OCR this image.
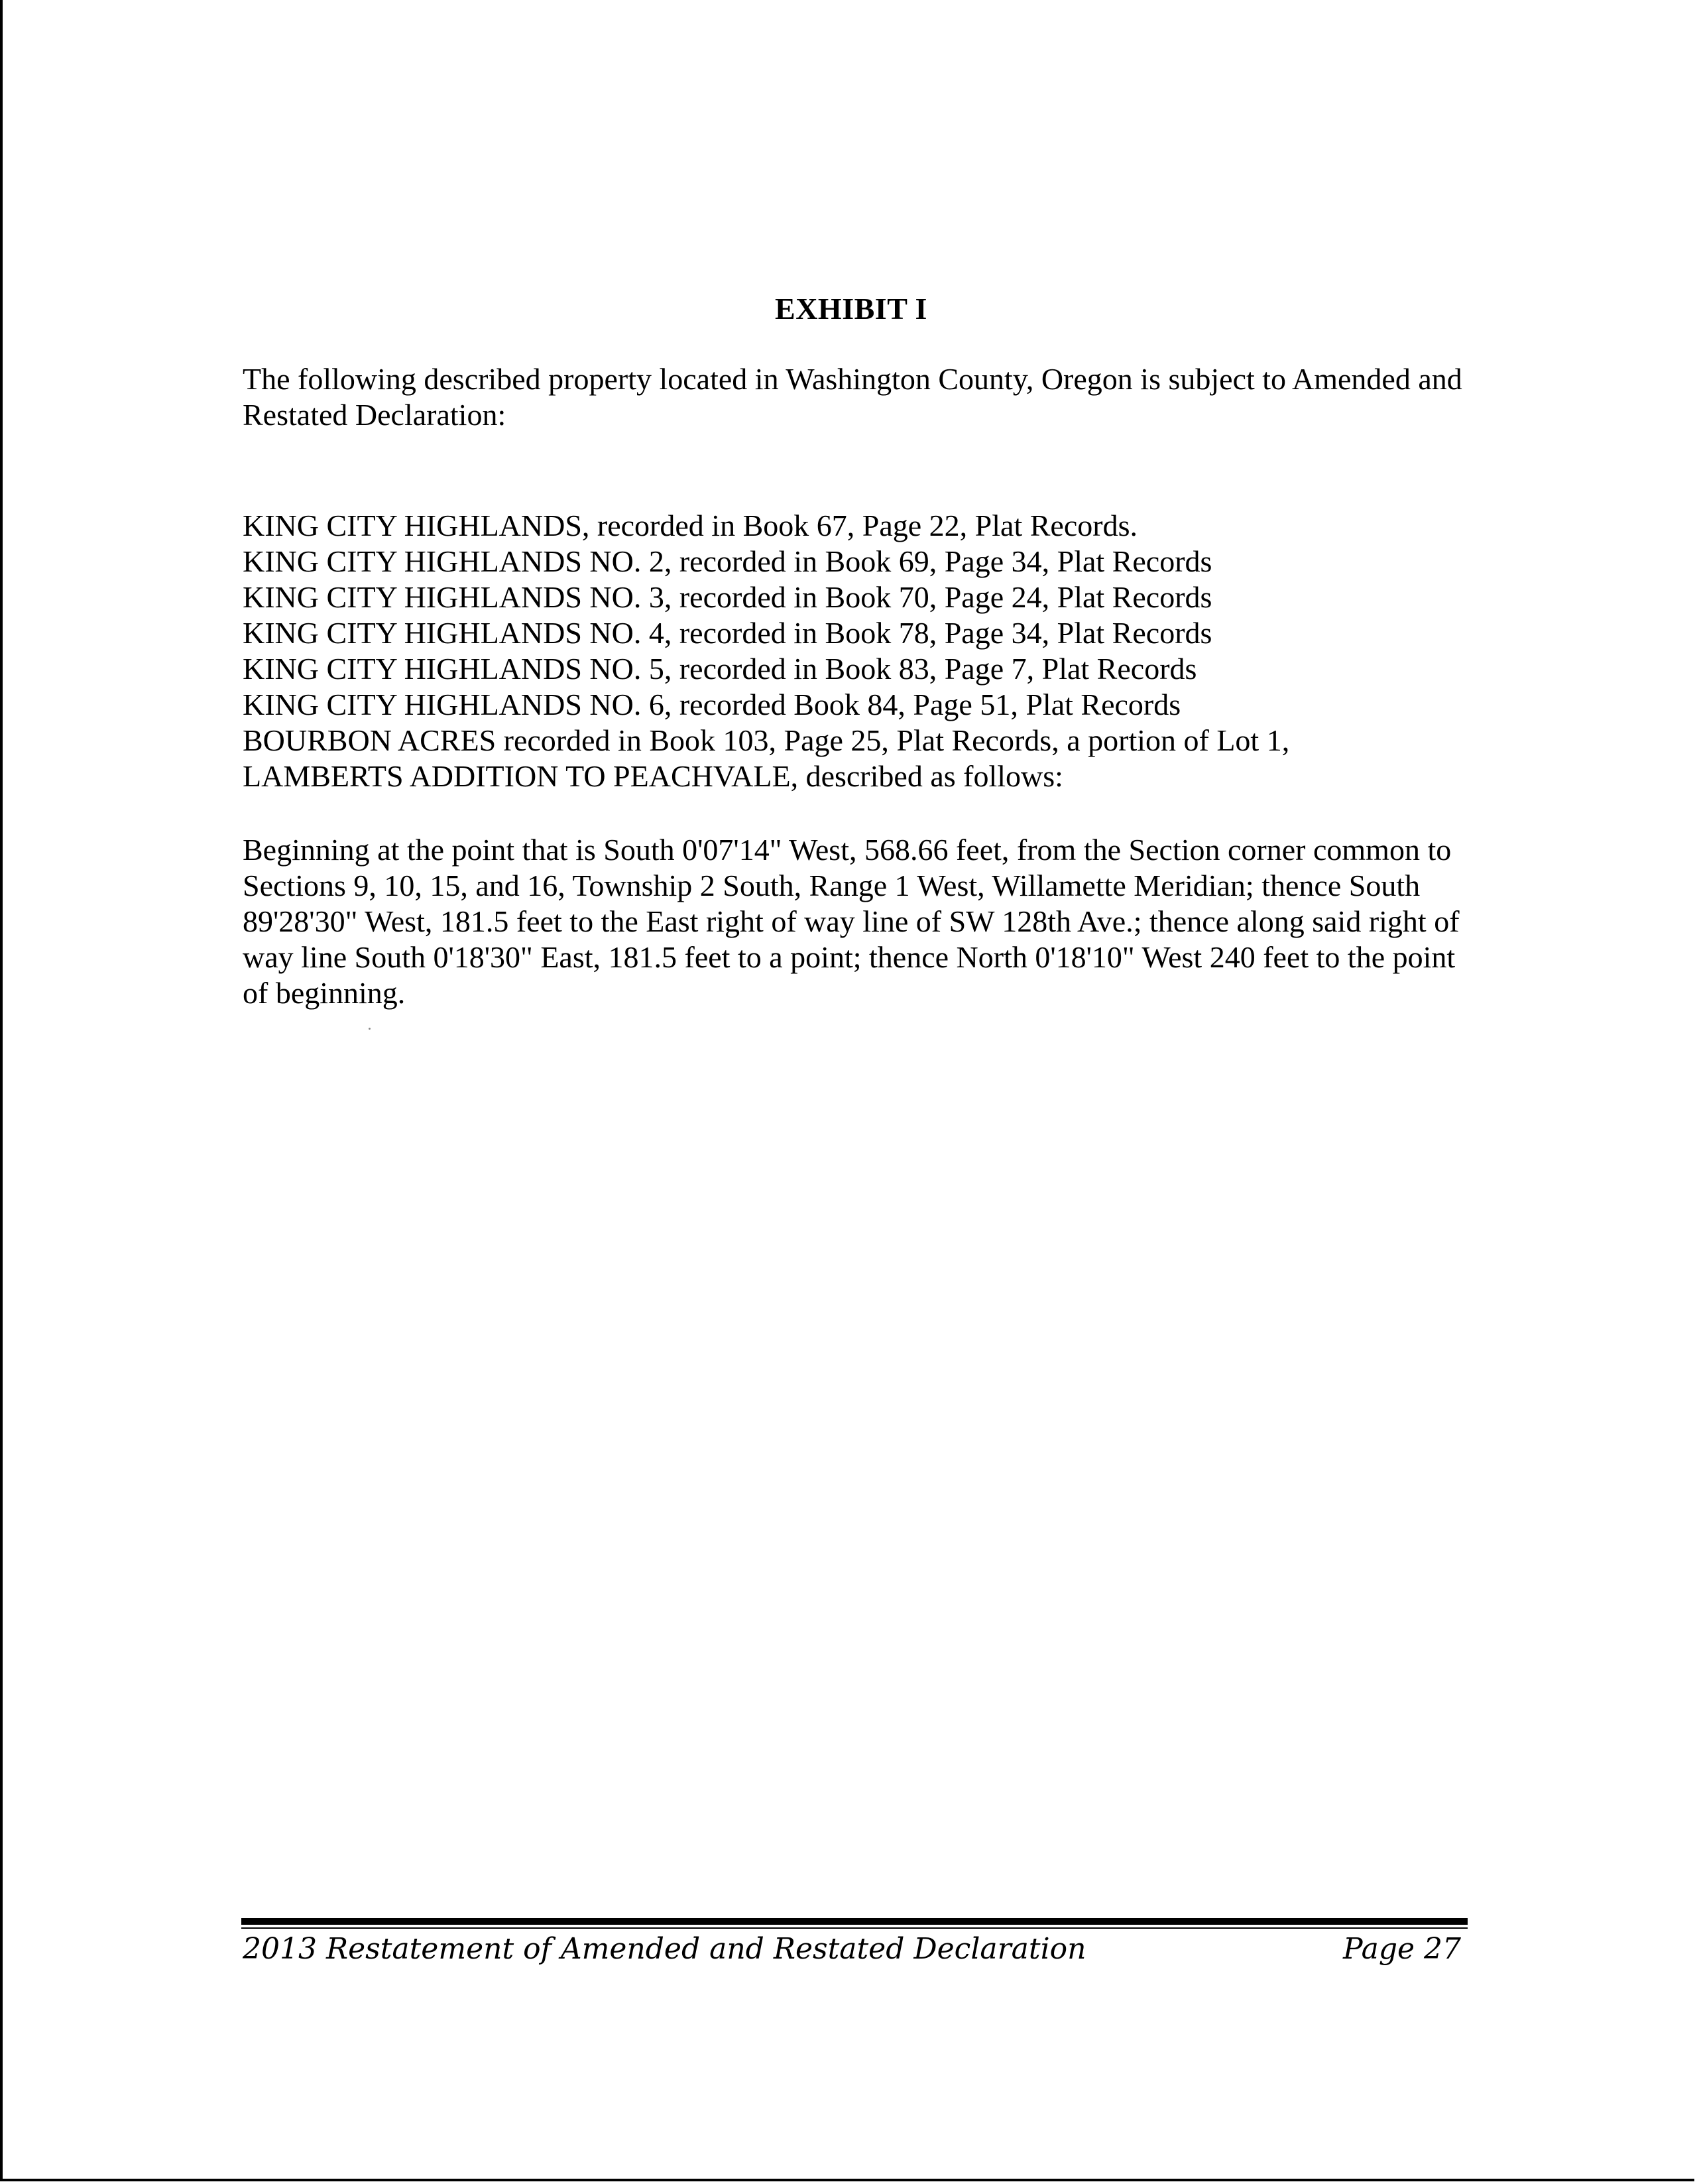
EXHIBIT I
The following described property located in Washington County, Oregon is subject to Amended and Restated Declaration:
KING CITY HIGHLANDS, recorded in Book 67, Page 22, Plat Records.
KING CITY HIGHLANDS NO. 2, recorded in Book 69, Page 34, Plat Records
KING CITY HIGHLANDS NO. 3, recorded in Book 70, Page 24, Plat Records
KING CITY HIGHLANDS NO. 4, recorded in Book 78, Page 34, Plat Records
KING CITY HIGHLANDS NO. 5, recorded in Book 83, Page 7, Plat Records
KING CITY HIGHLANDS NO. 6, recorded Book 84, Page 51, Plat Records
BOURBON ACRES recorded in Book 103, Page 25, Plat Records, a portion of Lot 1,
LAMBERTS ADDITION TO PEACHVALE, described as follows:
Beginning at the point that is South 0'07'14" West, 568.66 feet, from the Section corner common to Sections 9, 10, 15, and 16, Township 2 South, Range 1 West, Willamette Meridian; thence South 89'28'30" West, 181.5 feet to the East right of way line of SW 128th Ave.; thence along said right of way line South 0'18'30" East, 181.5 feet to a point; thence North 0'18'10" West 240 feet to the point of beginning.
2013 Restatement of Amended and Restated Declaration	Page 27
